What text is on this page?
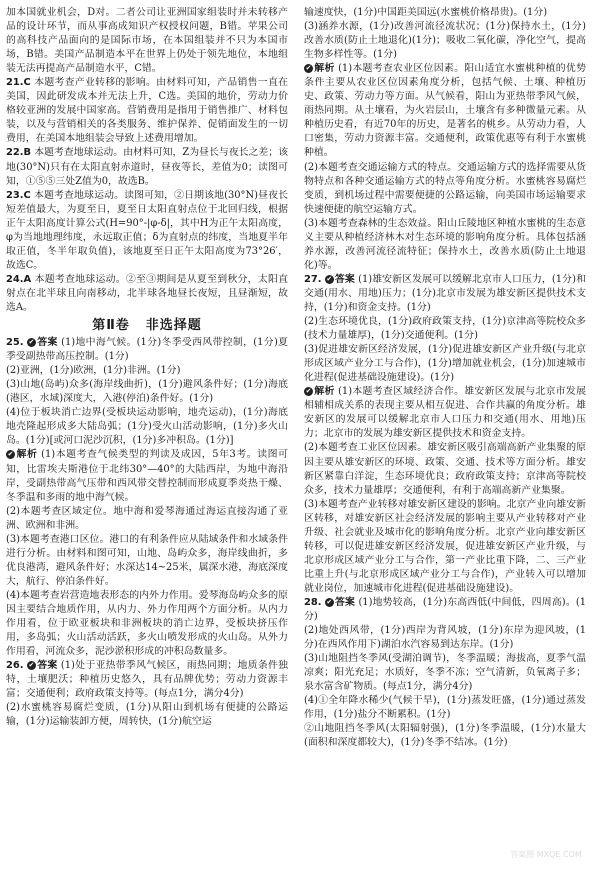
加本国就业机会，D对。二者公司让亚洲国家组装时并未转移产品的设计环节，而从事高成知识产权授权问题，B错。苹果公司的高科技产品面向的是国际市场，在本国组装并不只为本国市场，B错。美国产品制造本平在世界上仍处于领先地位，本地组装无法再提高产品制造水平，C错。

21.C 本题考查产业转移的影响。由材料可知，产品销售一直在美国，因此研发成本并无法上升，C选。美国的地价，劳动力价格较亚洲的发展中国家高。营销费用是指用于销售推广、材料包装，以及与营销相关的各类服务、维护保养、促销面发生的一切费用，在美国本地组装会导致上述费用增加。

22.B 本题考查地球运动。由材料可知，Z为昼长与夜长之差；该地(30°N)只有在太阳直射赤道时，昼夜等长，差值为0；读图可知，①⑤⑤三处Z值为0，故选B。

23.C 本题考查地球运动。读图可知，②日期该地(30°N)昼夜长短差值最大，为夏至日，夏至日太阳直射点位于北回归线，根据正午太阳高度计算公式(H=90°-|φ-δ|，其中H为正午太阳高度，φ为当地地理纬度，永远取正值；δ为直射点的纬度，当地夏半年取正值，冬半年取负值)，该地夏至日正午太阳高度为73°26′，故选C。

24.A 本题考查地球运动。②至③期间是从夏至到秋分，太阳直射点在北半球且向南移动，北半球各地昼长夜短，且昼渐短，故选A。

第Ⅱ卷 非选择题

25. ✔ 答案 (1)地中海气候。(1分)冬季受西风带控制，(1分)夏季受副热带高压控制。(1分)

(2)亚洲，(1分)欧洲，(1分)非洲。(1分)

(3)山地(岛屿)众多(海岸线曲折)，(1分)避风条件好；(1分)海底(港区，水域)深度大，入港(停泊)条件好。(1分)

(4)位于板块消亡边界(受板块运动影响，地壳运动)，(1分)海底地壳隆起形成多大陆岛弧；(1分)受火山活动影响，(1分)多火山岛。(1分)[或河口泥沙沉积，(1分)多冲积岛。(1分)]

✔ 解析 (1)本题考查气候类型的判读及成因，5年3考。读图可知，比雷埃夫斯港位于北纬30°—40°的大陆西岸，为地中海沿岸，受副热带高气压带和西风带交替控制而形成夏季炎热干燥、冬季温和多雨的地中海气候。

(2)本题考查区域定位。地中海和爱琴海通过海运直接沟通了亚洲、欧洲和非洲。

(3)本题考查港口区位。港口的有利条件应从陆域条件和水域条件进行分析。由材料和图可知，山地、岛屿众多，海岸线曲折，多优良港湾，避风条件好；水深达14~25米，属深水港，海底深度大，航行、停泊条件好。

(4)本题考查岩营造地表形态的内外力作用。爱琴海岛屿众多的原因主要结合地质作用，从内力、外力作用两个方面分析。从内力作用看，位于欧亚板块和非洲板块的消亡边界，受板块挤压作用，多岛弧；火山活动活跃，多火山喷发形成的火山岛。从外力作用看，河流众多，泥沙淤积形成的冲积岛数量多。

26. ✔ 答案 (1)处于亚热带季风气候区，雨热同期；地质条件独特，土壤肥沃；种植历史悠久，具有品牌优势；劳动力资源丰富；交通便利；政府政策支持等。(每点1分，满分4分)

(2)水蜜桃容易腐烂变质，(1分)从阳山到机场有便捷的公路运输，(1分)运输装卸方便，周转快，(1分)航空运

输速度快，(1分)中国距美国远(水蜜桃价格昂贵)。(1分)

(3)涵养水源，(1分)改善河流径流状况；(1分)保持水土，(1分)改善水质(防止土地退化)(1分)；吸收二氧化碳，净化空气，提高生物多样性等。(1分)

✔ 解析 (1)本题考查农业区位因素。阳山适宜水蜜桃种植的优势条件主要从农业区位因素角度分析，包括气候、土壤、种植历史、政策、劳动力等方面。从气候看，阳山为亚热带季风气候，雨热同期。从土壤看，为火岩层山，土壤含有多种微量元素。从种植历史看，有近70年的历史，是著名的桃乡。从劳动力看，人口密集，劳动力资源丰富。交通便利，政策优惠等有利于水蜜桃种植。

(2)本题考查交通运输方式的特点。交通运输方式的选择需要从货物特点和各种交通运输方式的特点等角度分析。水蜜桃容易腐烂变质，到机场过程中需要便捷的公路运输，向美国市场运输要求快速便捷的航空运输方式。

(3)本题考查森林的生态效益。阳山丘陵地区种植水蜜桃的生态意义主要从种植经济林木对生态环境的影响角度分析。具体包括涵养水源，改善河流径流特征；保持水土，改善水质(防止土地退化)等。

27. ✔ 答案 (1)雄安新区发展可以缓解北京市人口压力，(1分)和交通(用水、用地)压力；(1分)北京市发展为雄安新区提供技术支持，(1分)和资金支持。(1分)

(2)生态环境优良，(1分)政府政策支持，(1分)京津高等院校众多(技术力量雄厚)，(1分)交通便利。(1分)

(3)促进雄安新区经济发展，(1分)促进雄安新区产业升级(与北京形成区域产业分工与合作)，(1分)增加就业机会，(1分)加速城市化进程(促进基础设施建设)。(1分)

✔ 解析 (1)本题考查区域经济合作。雄安新区发展与北京市发展相辅相成关系的表现主要从相互促进、合作共赢的角度分析。雄安新区的发展可以缓解北京市人口压力和交通(用水、用地)压力；北京市的发展为雄安新区提供技术和资金支持。

(2)本题考查工业区位因素。雄安新区吸引高端高新产业集聚的原因主要从雄安新区的环境、政策、交通、技术等方面分析。雄安新区紧靠白洋淀，生态环境优良；政府政策支持；京津高等院校众多，技术力量雄厚；交通便利，有利于高端高新产业集聚。

(3)本题考查产业转移对雄安新区建设的影响。北京产业向雄安新区转移，对雄安新区社会经济发展的影响主要从产业转移对产业升级、社会就业及城市化的影响角度分析。北京产业向雄安新区转移，可以促进雄安新区经济发展，促进雄安新区产业升级，与北京形成区域产业分工与合作，第一产业比重下降，二、三产业比重上升(与北京形成区域产业分工与合作)，产业转入可以增加就业岗位，加速城市化进程(促进基础设施建设)。

28. ✔ 答案 (1)地势较高，(1分)东高西低(中间低，四周高)。(1分)

(2)地处西风带，(1分)西岸为背风坡，(1分)东岸为迎风坡，(1分)在西风作用下)湖泊水汽容易到达东岸。(1分)

(3)山地阻挡冬季风(受湖泊调节)，冬季温暖；海拔高，夏季气温凉爽；阳光充足；水质好，冬季不冻；空气清新，负氧离子多；泉水富含矿物质。(每点1分，满分4分)

(4)①全年降水稀少(气候干旱)，(1分)蒸发旺盛，(1分)通过蒸发作用，(1分)盐分不断累积。(1分)

②山地阻挡冬季风(太阳辐射强)，(1分)冬季温暖，(1分)水量大(面积和深度都较大)，(1分)冬季不结冰。(1分)

答案圈 MXQE.COM
